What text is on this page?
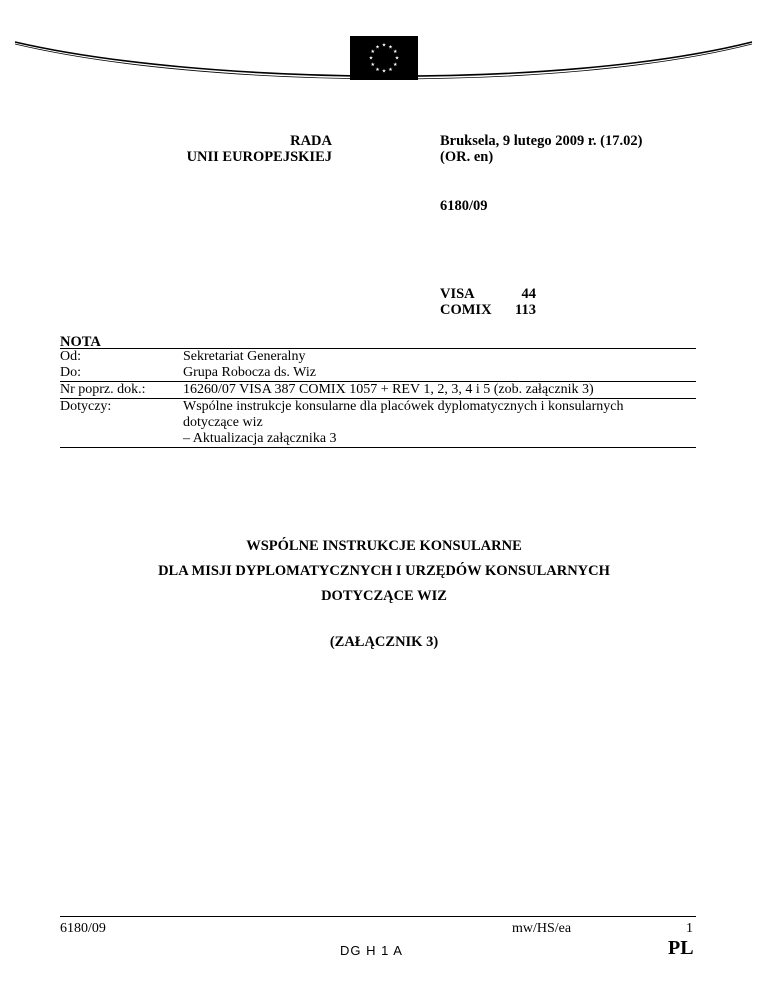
★ ★
★
★
★
★
★
★
★
★
★
★
RADA
UNII EUROPEJSKIEJ
Bruksela, 9 lutego 2009 r. (17.02)
(OR. en)
6180/09
VISA	44
COMIX	113
NOTA
Od:	Sekretariat Generalny
Do:	Grupa Robocza ds. Wiz
Nr poprz. dok.:	16260/07 VISA 387 COMIX 1057 + REV 1, 2, 3, 4 i 5 (zob. załącznik 3)
Dotyczy:	Wspólne instrukcje konsularne dla placówek dyplomatycznych i konsularnych
dotyczące wiz
– Aktualizacja załącznika 3
WSPÓLNE INSTRUKCJE KONSULARNE
DLA MISJI DYPLOMATYCZNYCH I URZĘDÓW KONSULARNYCH
DOTYCZĄCE WIZ
(ZAŁĄCZNIK 3)
6180/09	mw/HS/ea	1
DG H 1 A	PL
